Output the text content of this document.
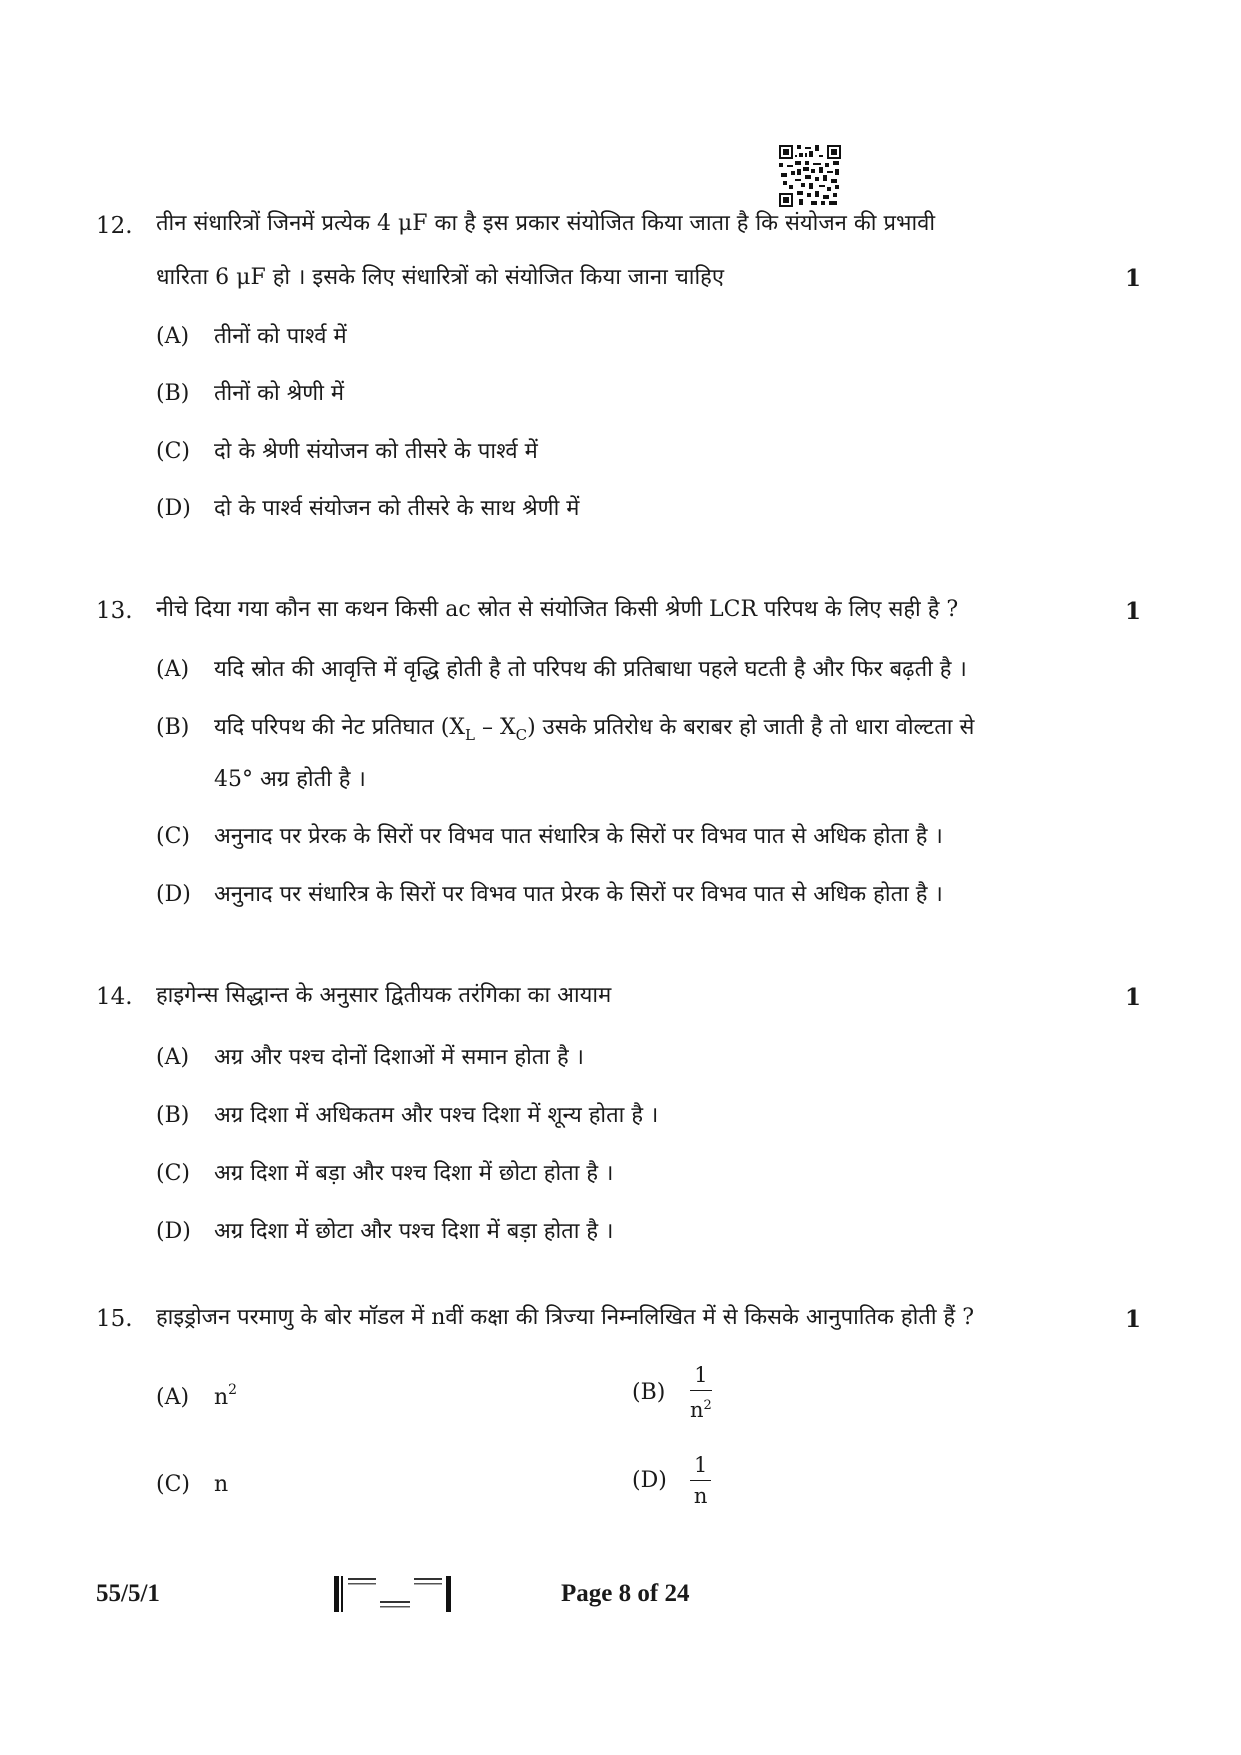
12. तीन संधारित्रों जिनमें प्रत्येक 4 μF का है इस प्रकार संयोजित किया जाता है कि संयोजन की प्रभावी
धारिता 6 μF हो । इसके लिए संधारित्रों को संयोजित किया जाना चाहिए	1
(A) तीनों को पार्श्व में
(B) तीनों को श्रेणी में
(C) दो के श्रेणी संयोजन को तीसरे के पार्श्व में
(D) दो के पार्श्व संयोजन को तीसरे के साथ श्रेणी में
13. नीचे दिया गया कौन सा कथन किसी ac स्रोत से संयोजित किसी श्रेणी LCR परिपथ के लिए सही है ?	1
(A) यदि स्रोत की आवृत्ति में वृद्धि होती है तो परिपथ की प्रतिबाधा पहले घटती है और फिर बढ़ती है ।
(B) यदि परिपथ की नेट प्रतिघात $(X_L - X_C)$ उसके प्रतिरोध के बराबर हो जाती है तो धारा वोल्टता से
45° अग्र होती है ।
(C) अनुनाद पर प्रेरक के सिरों पर विभव पात संधारित्र के सिरों पर विभव पात से अधिक होता है ।
(D) अनुनाद पर संधारित्र के सिरों पर विभव पात प्रेरक के सिरों पर विभव पात से अधिक होता है ।
14. हाइगेन्स सिद्धान्त के अनुसार द्वितीयक तरंगिका का आयाम	1
(A) अग्र और पश्च दोनों दिशाओं में समान होता है ।
(B) अग्र दिशा में अधिकतम और पश्च दिशा में शून्य होता है ।
(C) अग्र दिशा में बड़ा और पश्च दिशा में छोटा होता है ।
(D) अग्र दिशा में छोटा और पश्च दिशा में बड़ा होता है ।
15. हाइड्रोजन परमाणु के बोर मॉडल में nवीं कक्षा की त्रिज्या निम्नलिखित में से किसके आनुपातिक होती हैं ?	1
(A) $n^2$	$(B) \frac{1}{n^2}$
(C) n	$(D) \frac{1}{n}$
55/5/1	Page 8 of 24
